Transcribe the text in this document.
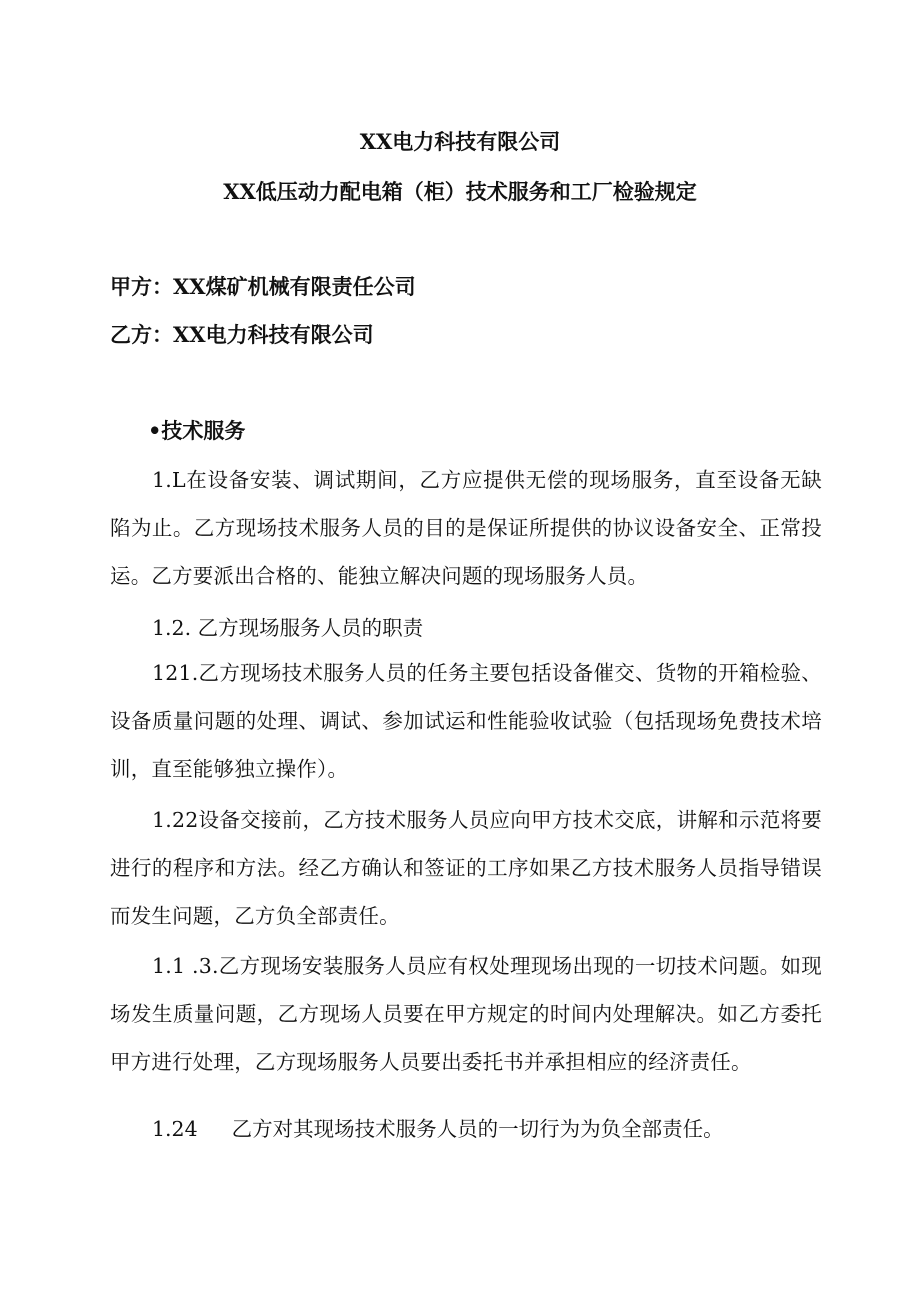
XX电力科技有限公司
XX低压动力配电箱（柜）技术服务和工厂检验规定
甲方：XX煤矿机械有限责任公司
乙方：XX电力科技有限公司
•技术服务
1.L在设备安装、调试期间，乙方应提供无偿的现场服务，直至设备无缺陷为止。乙方现场技术服务人员的目的是保证所提供的协议设备安全、正常投运。乙方要派出合格的、能独立解决问题的现场服务人员。
1.2. 乙方现场服务人员的职责
121.乙方现场技术服务人员的任务主要包括设备催交、货物的开箱检验、设备质量问题的处理、调试、参加试运和性能验收试验（包括现场免费技术培训，直至能够独立操作）。
1.22设备交接前，乙方技术服务人员应向甲方技术交底，讲解和示范将要进行的程序和方法。经乙方确认和签证的工序如果乙方技术服务人员指导错误而发生问题，乙方负全部责任。
1.1 .3.乙方现场安装服务人员应有权处理现场出现的一切技术问题。如现场发生质量问题，乙方现场人员要在甲方规定的时间内处理解决。如乙方委托甲方进行处理，乙方现场服务人员要出委托书并承担相应的经济责任。
1.24 乙方对其现场技术服务人员的一切行为为负全部责任。
